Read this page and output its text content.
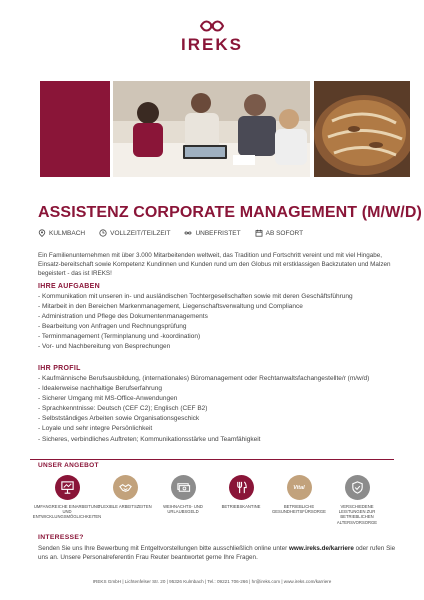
IREKS
ASSISTENZ CORPORATE MANAGEMENT (M/W/D)
KULMBACH	VOLLZEIT/TEILZEIT	UNBEFRISTET	AB SOFORT

Ein Familienunternehmen mit über 3.000 Mitarbeitenden weltweit, das Tradition und Fortschritt vereint und mit viel Hingabe, Einsatz-bereitschaft sowie Kompetenz Kundinnen und Kunden rund um den Globus mit erstklassigen Backzutaten und Malzen begeistert - das ist IREKS!

IHRE AUFGABEN
- Kommunikation mit unseren in- und ausländischen Tochtergesellschaften sowie mit deren Geschäftsführung
- Mitarbeit in den Bereichen Markenmanagement, Liegenschaftsverwaltung und Compliance
- Administration und Pflege des Dokumentenmanagements
- Bearbeitung von Anfragen und Rechnungsprüfung
- Terminmanagement (Terminplanung und -koordination)
- Vor- und Nachbereitung von Besprechungen
IHR PROFIL
- Kaufmännische Berufsausbildung, (internationales) Büromanagement oder Rechtanwaltsfachangestellte/r (m/w/d)
- Idealerweise nachhaltige Berufserfahrung
- Sicherer Umgang mit MS-Office-Anwendungen
- Sprachkenntnisse: Deutsch (CEF C2); Englisch (CEF B2)
- Selbstständiges Arbeiten sowie Organisationsgeschick
- Loyale und sehr integre Persönlichkeit
- Sicheres, verbindliches Auftreten; Kommunikationsstärke und Teamfähigkeit
UNSER ANGEBOT
UMFANGREICHE EINARBEITUNG UND ENTWICKLUNGSMÖGLICHKEITEN
FLEXIBLE ARBEITSZEITEN	WEIHNACHTS- UND URLAUBSGELD
BETRIEBSKANTINE
Vital
BETRIEBLICHE GESUNDHEITSFÜRSORGE
VERSCHIEDENE LEISTUNGEN ZUR BETRIEBLICHEN ALTERSVORSORGE
INTERESSE?

Senden Sie uns Ihre Bewerbung mit Entgeltvorstellungen bitte ausschließlich online unter www.ireks.de/karriere oder rufen Sie uns an. Unsere Personalreferentin Frau Reuter beantwortet gerne Ihre Fragen.

IREKS GmbH | Lichtenfelser Str. 20 | 95326 Kulmbach | Tel.: 09221 706-266 | hr@ireks.com | www.ireks.com/karriere
